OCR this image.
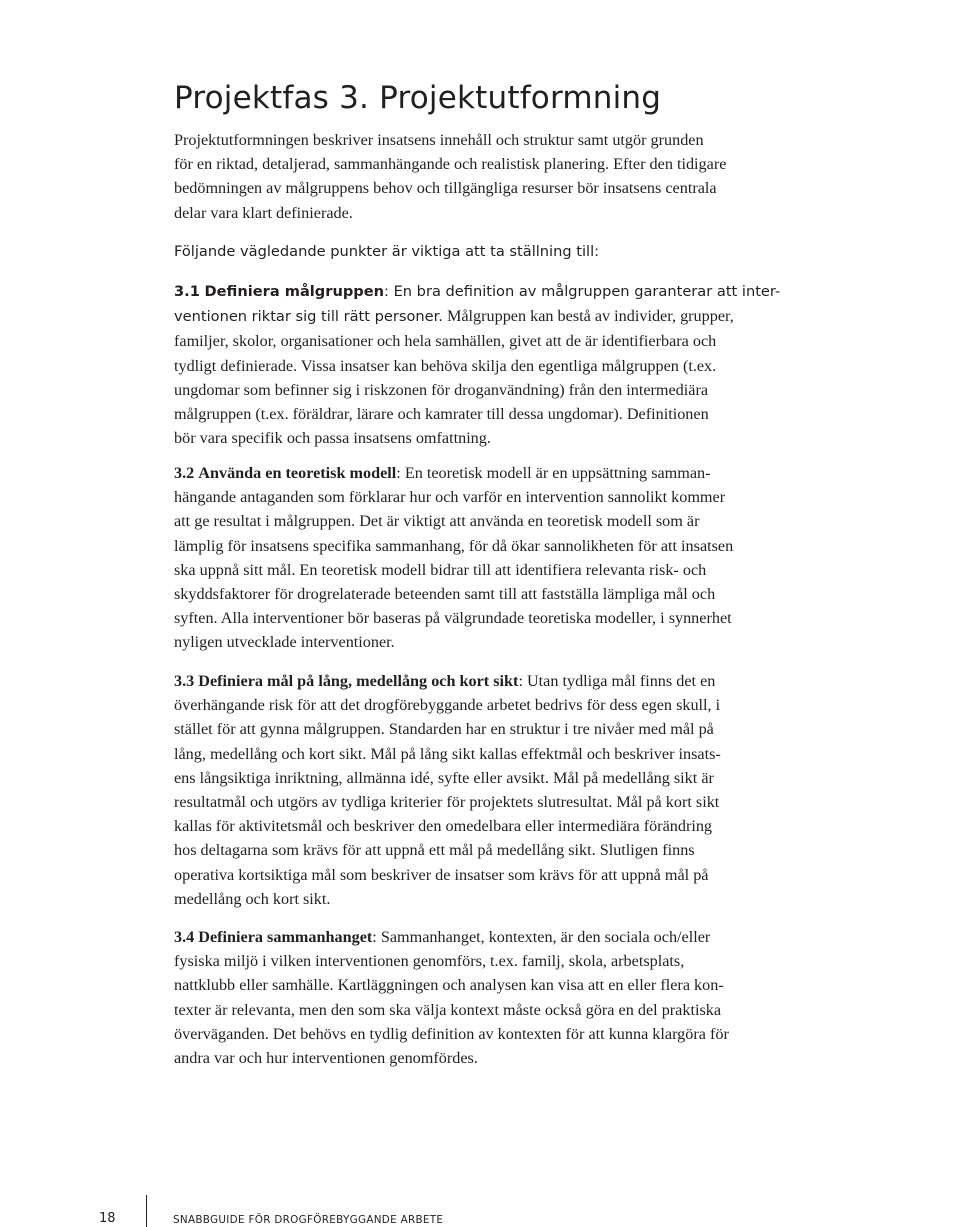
Projektfas 3. Projektutformning

Projektutformningen beskriver insatsens innehåll och struktur samt utgör grunden
för en riktad, detaljerad, sammanhängande och realistisk planering. Efter den tidigare
bedömningen av målgruppens behov och tillgängliga resurser bör insatsens centrala
delar vara klart definierade.

Följande vägledande punkter är viktiga att ta ställning till:

3.1 Definiera målgruppen: En bra definition av målgruppen garanterar att inter-
ventionen riktar sig till rätt personer. Målgruppen kan bestå av individer, grupper,
familjer, skolor, organisationer och hela samhällen, givet att de är identifierbara och
tydligt definierade. Vissa insatser kan behöva skilja den egentliga målgruppen (t.ex.
ungdomar som befinner sig i riskzonen för droganvändning) från den intermediära
målgruppen (t.ex. föräldrar, lärare och kamrater till dessa ungdomar). Definitionen
bör vara specifik och passa insatsens omfattning.
3.2 Använda en teoretisk modell: En teoretisk modell är en uppsättning samman-
hängande antaganden som förklarar hur och varför en intervention sannolikt kommer
att ge resultat i målgruppen. Det är viktigt att använda en teoretisk modell som är
lämplig för insatsens specifika sammanhang, för då ökar sannolikheten för att insatsen
ska uppnå sitt mål. En teoretisk modell bidrar till att identifiera relevanta risk- och
skyddsfaktorer för drogrelaterade beteenden samt till att fastställa lämpliga mål och
syften. Alla interventioner bör baseras på välgrundade teoretiska modeller, i synnerhet
nyligen utvecklade interventioner.
3.3 Definiera mål på lång, medellång och kort sikt: Utan tydliga mål finns det en
överhängande risk för att det drogförebyggande arbetet bedrivs för dess egen skull, i
stället för att gynna målgruppen. Standarden har en struktur i tre nivåer med mål på
lång, medellång och kort sikt. Mål på lång sikt kallas effektmål och beskriver insats-
ens långsiktiga inriktning, allmänna idé, syfte eller avsikt. Mål på medellång sikt är
resultatmål och utgörs av tydliga kriterier för projektets slutresultat. Mål på kort sikt
kallas för aktivitetsmål och beskriver den omedelbara eller intermediära förändring
hos deltagarna som krävs för att uppnå ett mål på medellång sikt. Slutligen finns
operativa kortsiktiga mål som beskriver de insatser som krävs för att uppnå mål på
medellång och kort sikt.
3.4 Definiera sammanhanget: Sammanhanget, kontexten, är den sociala och/eller
fysiska miljö i vilken interventionen genomförs, t.ex. familj, skola, arbetsplats,
nattklubb eller samhälle. Kartläggningen och analysen kan visa att en eller flera kon-
texter är relevanta, men den som ska välja kontext måste också göra en del praktiska
överväganden. Det behövs en tydlig definition av kontexten för att kunna klargöra för
andra var och hur interventionen genomfördes.
18	SNABBGUIDE FÖR DROGFÖREBYGGANDE ARBETE
